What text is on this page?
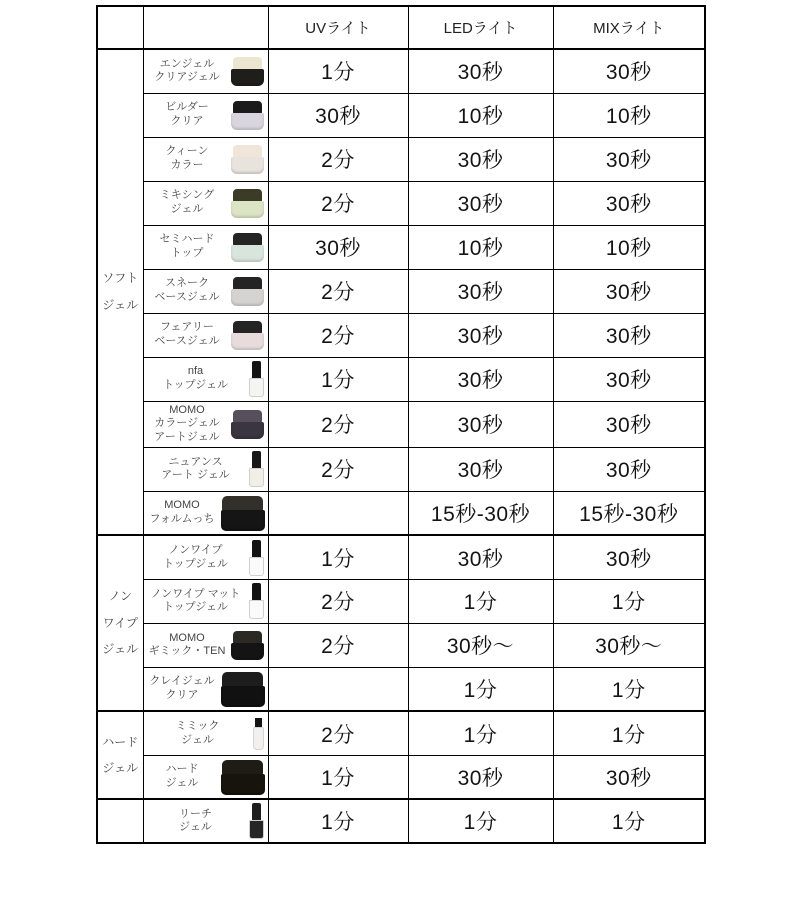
		UVライト	LEDライト	MIXライト

ソフト
ジェル

エンジェル
クリアジェル	1分	30秒	30秒

	ビルダー
クリア	30秒	10秒	10秒

	クィーン
カラー	2分	30秒	30秒

	ミキシング
ジェル	2分	30秒	30秒

	セミハード
トップ	30秒	10秒	10秒

	スネーク
ベースジェル	2分	30秒	30秒

	フェアリー
ベースジェル	2分	30秒	30秒

	nfa
トップジェル	1分	30秒	30秒

	MOMO
カラージェル
アートジェル	2分	30秒	30秒

	ニュアンス
アート ジェル	2分	30秒	30秒

	MOMO
フォルムっち		15秒-30秒	15秒-30秒

ノン
ワイプ
ジェル

ノンワイプ
トップジェル	1分	30秒	30秒

	ノンワイプ マット
トップジェル	2分	1分	1分

	MOMO
ギミック・TEN	2分	30秒〜	30秒〜

	クレイジェル
クリア		1分	1分

ハード
ジェル

ミミック
ジェル	2分	1分	1分

	ハード
ジェル	1分	30秒	30秒

	リーチ
ジェル	1分	1分	1分
